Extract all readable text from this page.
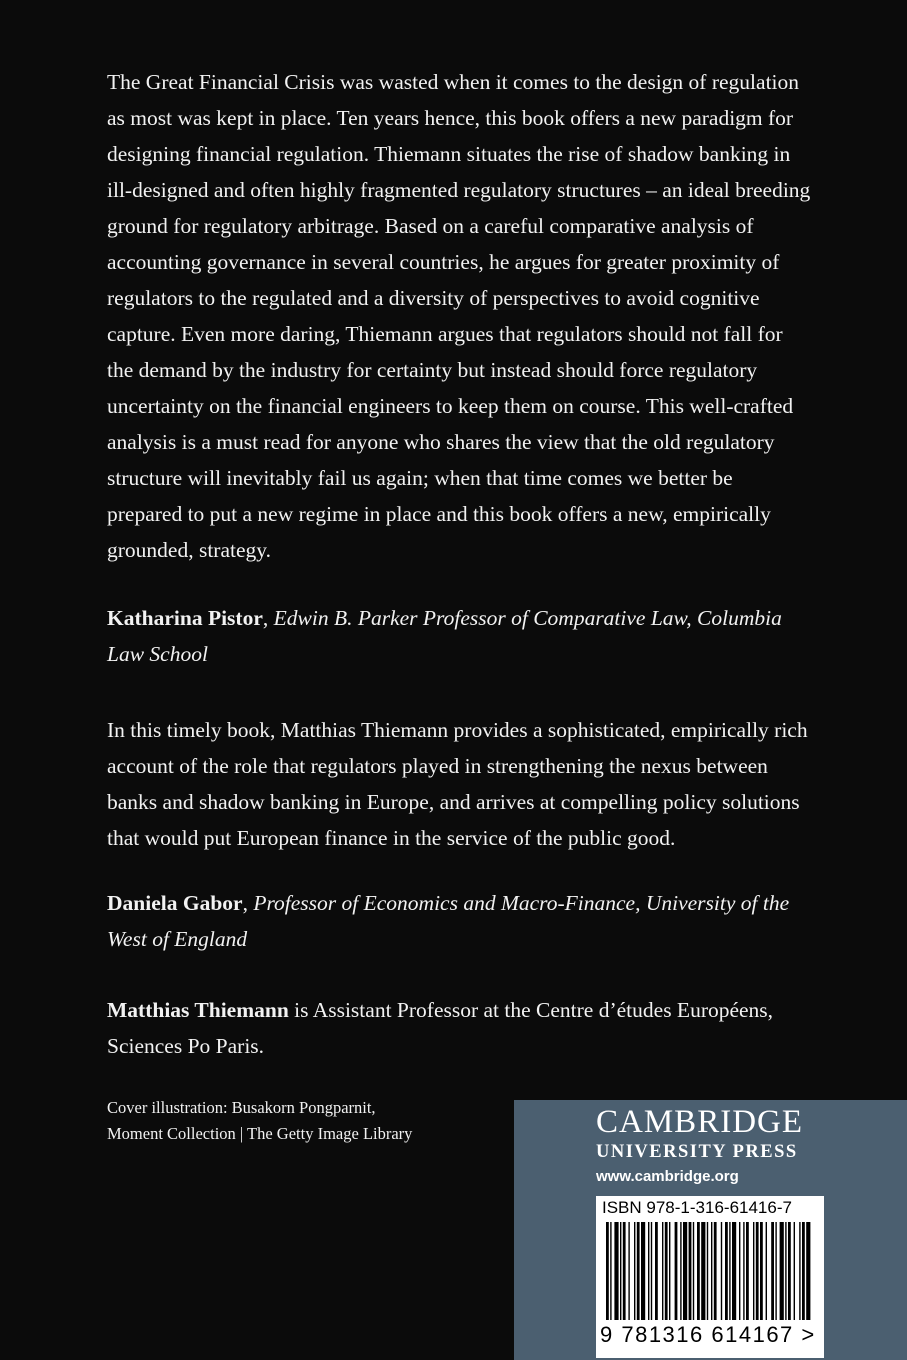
The Great Financial Crisis was wasted when it comes to the design of regulation as most was kept in place. Ten years hence, this book offers a new paradigm for designing financial regulation. Thiemann situates the rise of shadow banking in ill-designed and often highly fragmented regulatory structures – an ideal breeding ground for regulatory arbitrage. Based on a careful comparative analysis of accounting governance in several countries, he argues for greater proximity of regulators to the regulated and a diversity of perspectives to avoid cognitive capture. Even more daring, Thiemann argues that regulators should not fall for the demand by the industry for certainty but instead should force regulatory uncertainty on the financial engineers to keep them on course. This well-crafted analysis is a must read for anyone who shares the view that the old regulatory structure will inevitably fail us again; when that time comes we better be prepared to put a new regime in place and this book offers a new, empirically grounded, strategy.

Katharina Pistor, Edwin B. Parker Professor of Comparative Law, Columbia Law School

In this timely book, Matthias Thiemann provides a sophisticated, empirically rich account of the role that regulators played in strengthening the nexus between banks and shadow banking in Europe, and arrives at compelling policy solutions that would put European finance in the service of the public good.

Daniela Gabor, Professor of Economics and Macro-Finance, University of the West of England

Matthias Thiemann is Assistant Professor at the Centre d’études Européens, Sciences Po Paris.

Cover illustration: Busakorn Pongparnit,
Moment Collection | The Getty Image Library	CAMBRIDGE
UNIVERSITY PRESS
www.cambridge.org
ISBN 978-1-316-61416-7
9 781316 614167 >
